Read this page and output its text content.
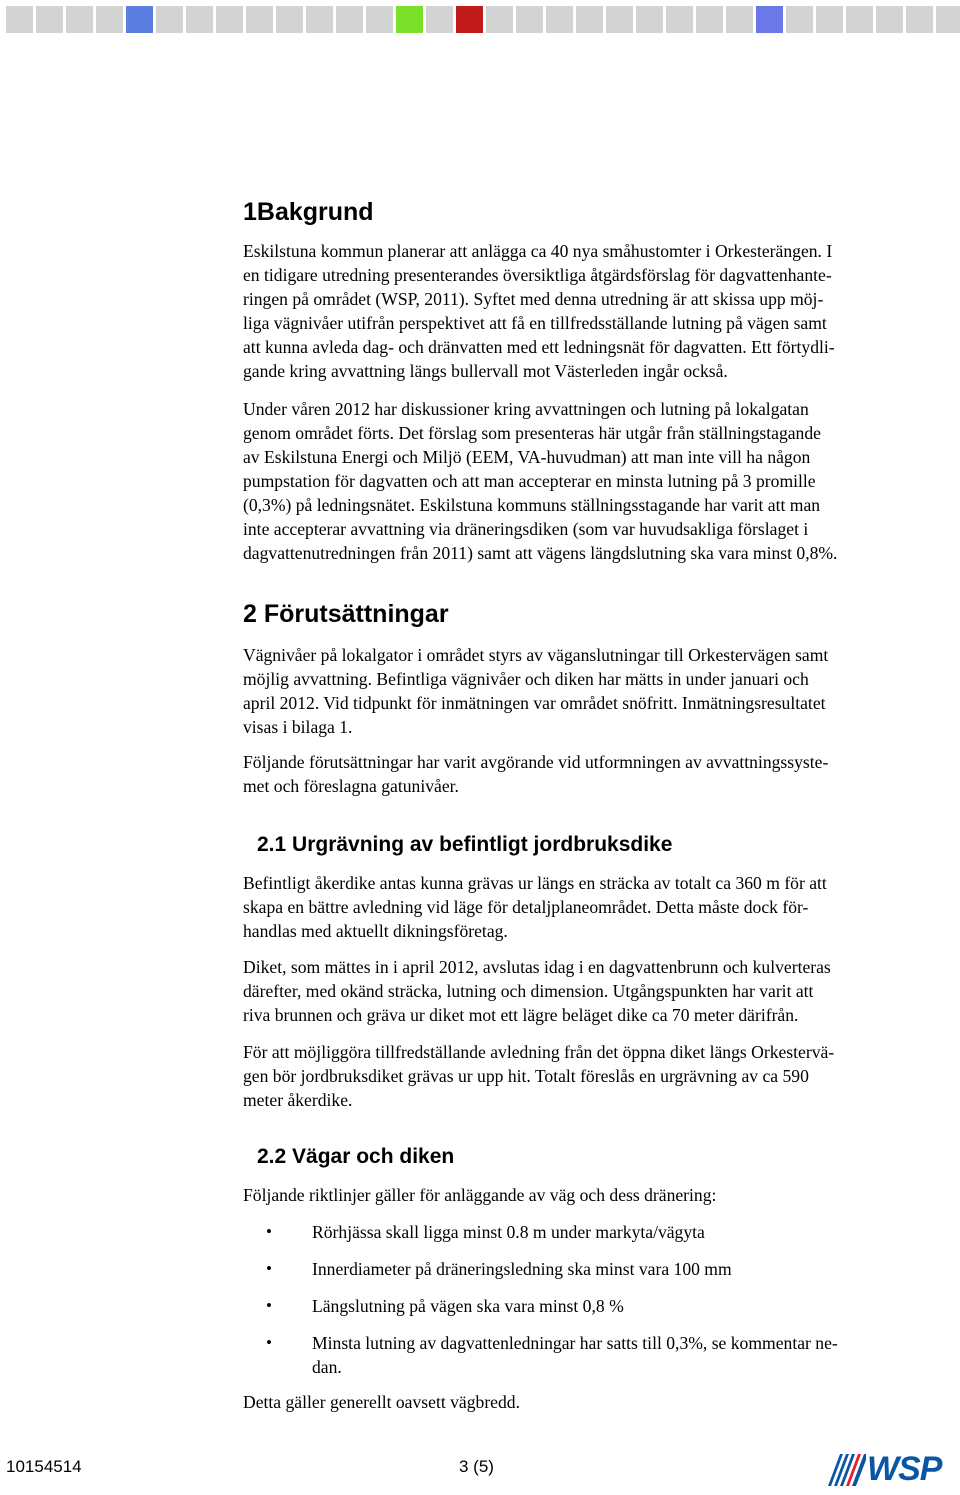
1Bakgrund
Eskilstuna kommun planerar att anlägga ca 40 nya småhustomter i Orkesterängen. I
en tidigare utredning presenterandes översiktliga åtgärdsförslag för dagvattenhante-
ringen på området (WSP, 2011). Syftet med denna utredning är att skissa upp möj-
liga vägnivåer utifrån perspektivet att få en tillfredsställande lutning på vägen samt
att kunna avleda dag- och dränvatten med ett ledningsnät för dagvatten. Ett förtydli-
gande kring avvattning längs bullervall mot Västerleden ingår också.
Under våren 2012 har diskussioner kring avvattningen och lutning på lokalgatan
genom området förts. Det förslag som presenteras här utgår från ställningstagande
av Eskilstuna Energi och Miljö (EEM, VA-huvudman) att man inte vill ha någon
pumpstation för dagvatten och att man accepterar en minsta lutning på 3 promille
(0,3%) på ledningsnätet. Eskilstuna kommuns ställningsstagande har varit att man
inte accepterar avvattning via dräneringsdiken (som var huvudsakliga förslaget i
dagvattenutredningen från 2011) samt att vägens längdslutning ska vara minst 0,8%.
2 Förutsättningar
Vägnivåer på lokalgator i området styrs av väganslutningar till Orkestervägen samt
möjlig avvattning. Befintliga vägnivåer och diken har mätts in under januari och
april 2012. Vid tidpunkt för inmätningen var området snöfritt. Inmätningsresultatet
visas i bilaga 1.
Följande förutsättningar har varit avgörande vid utformningen av avvattningssyste-
met och föreslagna gatunivåer.
2.1 Urgrävning av befintligt jordbruksdike
Befintligt åkerdike antas kunna grävas ur längs en sträcka av totalt ca 360 m för att
skapa en bättre avledning vid läge för detaljplaneområdet. Detta måste dock för-
handlas med aktuellt dikningsföretag.
Diket, som mättes in i april 2012, avslutas idag i en dagvattenbrunn och kulverteras
därefter, med okänd sträcka, lutning och dimension. Utgångspunkten har varit att
riva brunnen och gräva ur diket mot ett lägre beläget dike ca 70 meter därifrån.
För att möjliggöra tillfredställande avledning från det öppna diket längs Orkestervä-
gen bör jordbruksdiket grävas ur upp hit. Totalt föreslås en urgrävning av ca 590
meter åkerdike.
2.2 Vägar och diken
Följande riktlinjer gäller för anläggande av väg och dess dränering:
• Rörhjässa skall ligga minst 0.8 m under markyta/vägyta
• Innerdiameter på dräneringsledning ska minst vara 100 mm
• Längslutning på vägen ska vara minst 0,8 %
• Minsta lutning av dagvattenledningar har satts till 0,3%, se kommentar ne-
dan.
Detta gäller generellt oavsett vägbredd.
10154514	3 (5)	WSP
